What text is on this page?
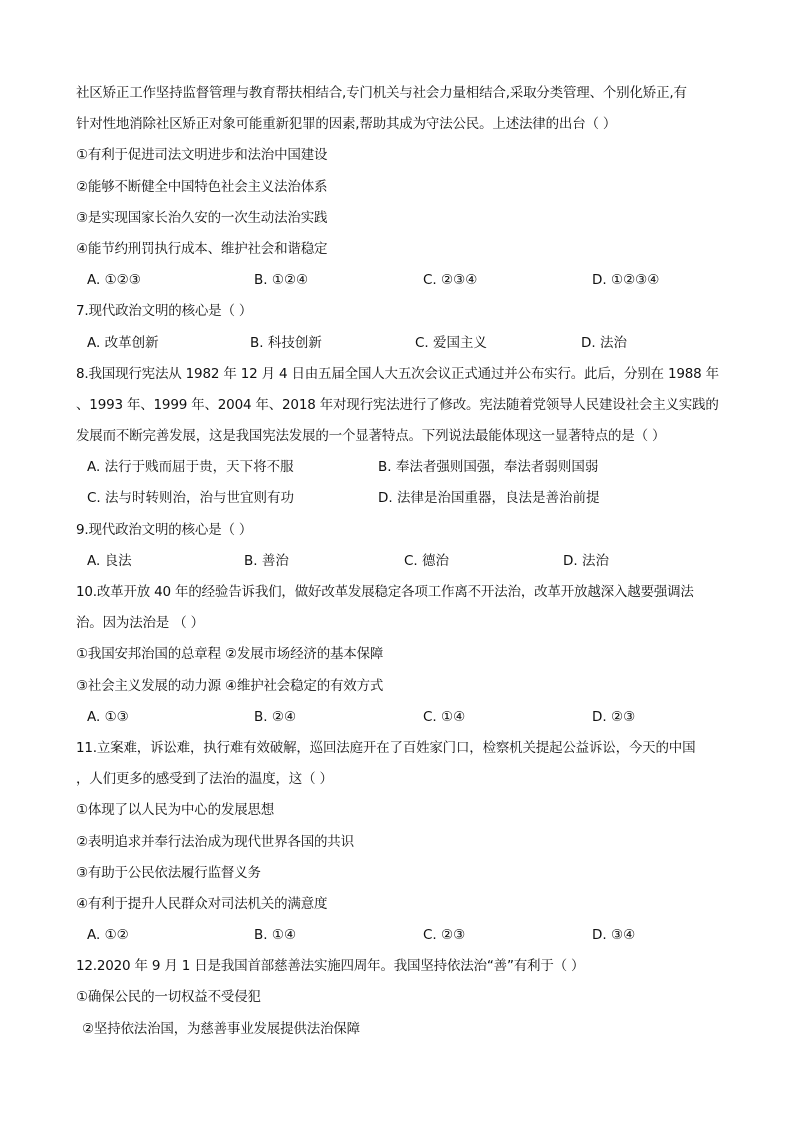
社区矫正工作坚持监督管理与教育帮扶相结合,专门机关与社会力量相结合,采取分类管理、个别化矫正,有
针对性地消除社区矫正对象可能重新犯罪的因素,帮助其成为守法公民。上述法律的出台（ ）
①有利于促进司法文明进步和法治中国建设
②能够不断健全中国特色社会主义法治体系
③是实现国家长治久安的一次生动法治实践
④能节约刑罚执行成本、维护社会和谐稳定
A. ①②③	B. ①②④	C. ②③④	D. ①②③④
7.现代政治文明的核心是（ ）
A. 改革创新	B. 科技创新	C. 爱国主义	D. 法治
8.我国现行宪法从 1982 年 12 月 4 日由五届全国人大五次会议正式通过并公布实行。此后，分别在 1988 年
、1993 年、1999 年、2004 年、2018 年对现行宪法进行了修改。宪法随着党领导人民建设社会主义实践的
发展而不断完善发展，这是我国宪法发展的一个显著特点。下列说法最能体现这一显著特点的是（ ）
A. 法行于贱而屈于贵，天下将不服	B. 奉法者强则国强，奉法者弱则国弱
C. 法与时转则治，治与世宜则有功	D. 法律是治国重器，良法是善治前提
9.现代政治文明的核心是（ ）
A. 良法	B. 善治	C. 德治	D. 法治
10.改革开放 40 年的经验告诉我们，做好改革发展稳定各项工作离不开法治，改革开放越深入越要强调法
治。因为法治是 （ ）
①我国安邦治国的总章程 ②发展市场经济的基本保障
③社会主义发展的动力源 ④维护社会稳定的有效方式
A. ①③	B. ②④	C. ①④	D. ②③
11.立案难，诉讼难，执行难有效破解，巡回法庭开在了百姓家门口，检察机关提起公益诉讼，今天的中国
，人们更多的感受到了法治的温度，这（ ）
①体现了以人民为中心的发展思想
②表明追求并奉行法治成为现代世界各国的共识
③有助于公民依法履行监督义务
④有利于提升人民群众对司法机关的满意度
A. ①②	B. ①④	C. ②③	D. ③④
12.2020 年 9 月 1 日是我国首部慈善法实施四周年。我国坚持依法治“善”有利于（ ）
①确保公民的一切权益不受侵犯
②坚持依法治国，为慈善事业发展提供法治保障
